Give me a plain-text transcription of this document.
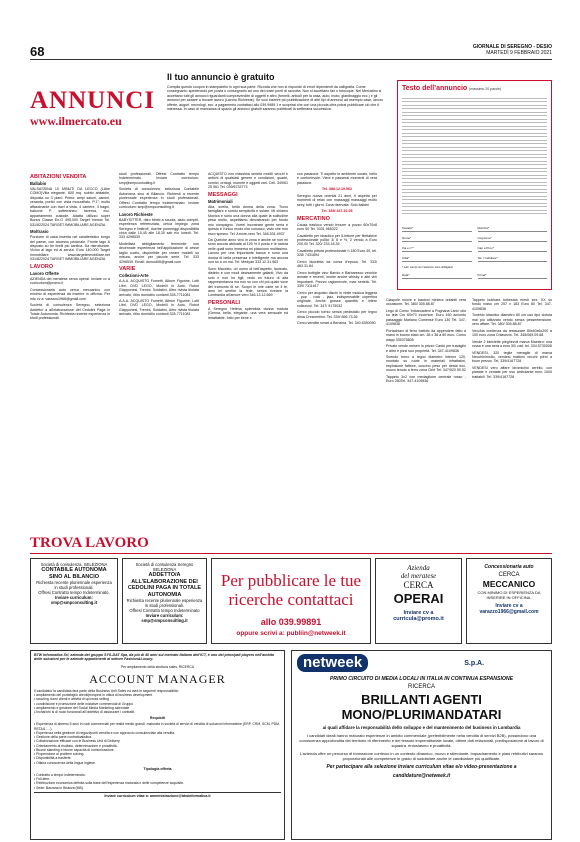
68	GIORNALE DI SEREGNO - DESIO
MARTEDÌ 9 FEBBRAIO 2021
ANNUNCI
www.ilmercato.eu
Il tuo annuncio è gratuito
Compila questo coupon in stampatello in ogni sua parte. Ricorda che non si risponde di errori dipendenti da calligrafia. Come consegnarlo: spedendolo per posta o consegnarlo ad uno dei nostri punti di raccolta. Non si accettano fax o fotocopie. Nel Mercatino si accettano tutti gli annunci riguardanti compravendite di oggetti e altro (fornelli, articoli per la casa, auto, moto, giardinaggio ecc.) e gli annunci per aiutare a trovare lavoro (Lavoro Richieste). Se vuoi inserire più pubblicazione di altri tipi di annunci ad esempio case, lavoro offerte, auguri, necrologi, ecc. a pagamento contattaci allo 039.9989.1 e scoprirai che con una piccola cifra potrai pubblicare ciò che ti interessa. In caso di mancanza di spazio gli annunci gratuiti saranno pubblicati la settimana successiva.
Testo dell’annuncio (massimo 20 parole)
Testata*	Rubrica*
Nome*	Cognome*
Via e n°*	Cap e Prov.*
Città*	Tel. / Cellulare*
* tutti i campi con l’asterisco sono obbligatori
Data*	Firma*
ABITAZIONI VENDITA
Ballabio

VALSASSINA 10 MINUTI DA LECCO (LAke COMO)Villa elegante, 600 mq. subito abitabile, disposta su 3 piani: Primo: ampi saloni, camini, veranda, portici con vista mozzafiato. P.1°: molto affascinante con travi a vista, 4 camere, 3 bagni, balcone P. sotterraneo: taverna, ecc. appartamento custode. Adatta utilizzo super Bonus Classe En.G 495,000 Target Immob Tel. 031/822024 TARGET IMMOBILIARE AGENZIA

Moltrasio

Porzione di casa inserita nel caratteristico borgo del paese, con accesso pedonale. Fronte lago & disposto su tre livelli più cantina. Da ristrutturare. Vicino al lago ed ai servizi. Euro 140,000 Target Immobiliare www.targetimmobiliare.net 031/822024 TARGET IMMOBILIARE AGENZIA

LAVORO
Lavoro Offerte

AZIENDA del meratese cerca operai. Inviare cv a curriculum@promo.it

Concessionaria auto cerca meccanico con minimo di esperienza da inserire in officina. Per info cv a: varazzo1966@gmail.com

Società di consulenza Seregno, seleziona Addetto/ a all’elaborazione dei Cedolini Paga in Totale Autonomia. Richiesta recente esperienza in studi professionali.

studi professionali. Offresi Contratto tempo Indeterminato. Inviare curriculum: smp@smpconsulting.it

Società di consulenza, seleziona Contabile Autonoma sino al Bilancio. Richiesti a recente pluriennale esperienza in studi professionali. Offresi Contratto tempo Indeterminato. Inviare curriculum: smp@smpconsulting.it

Lavoro Richieste

BABYSITTER, ritiro bimbi a scuola, aiuto compiti, esperienza referenziata, cerca impiego zona Seregno e limitrofi, due/tre pomeriggi disponibilità circa dalle 15,45 alle 18,30 sab e/o lunedì. Tel. 333 4296539

Modellista abbigliamento femminile con decennale esperienza nell’applicazione di cesse taglio cucito, disponibile per creare modelli su misura, anche per piccole serie. Tel. 333 4296539. Email: domod06@gmail.com

VARIE
Collezioni-Arte

A.A.A. ACQUISTO Fumetti, Album Figurine, Lotti Libri, DVD LEGO, Modelli in Auto, Robot Giapponesi, Trenini, Soldatini, Altro rivista titolata arrivato, ritiro domicilio contanti 328-7711081

A.A.A. ACQUISTO Fumetti, Album Figurine, Lotti Libri, DVD LEGO, Modelli in Auto, Robot Giapponesi, Trenini, Soldatini, Altro rivista titolata arrivato, ritiro domicilio contanti 328-7711081

ACQUISTO con massima serietà mobili vecchi e antichi di qualsiasi genere e condizioni, quadri, cornici, orologi, monete e oggetti vari. Cell. 349/61 25 061 Tel. 039/6733773

MESSAGGI
Matrimoniali

Alta, snella, bella donna della zona. Trovo famigliare e sorrisi semplicità e solare. Mi chiamo Monica e sono una donna alla quale la solitudine pesa molto, aspettiamo dimostrando per fondo mio compagno. Vorrei incontrare gente seria e questo è l’unico modo che conosco, visto che non esco spesso. Tel. Amore-vero Tel. 346.531.4937

Da Quelche anno vivo in zona e anche se non mi sono ancora abituata al 100 % il posto e le natura nelle quali sono immersa mi piacciono moltissimo. Lavoro per una importante banca e sono una donna di bella presenza e intelligente ma ancora non so a un ma. Tel. Medyan 333.12.31.963

Sono Maurizio, un uomo di bell’aspetto, laureato, distinto e con modi decisamente galanti; Vivo da solo e non ho figli, vedo un futuro di alta rappresentanza ma non so con chi poi quale voce del tramonto di se. Scopri le mie carte se il te, amo lei sentire la fede, senza rivelare la Lombardia all’amore vero 346.13.12.669

PERSONALI

A Seregno Helena splendida donna matura (Genna, bella, elegante, una vera sensuale ed intrattabile, tutto per bene e

con passione. Ti aspetto in ambiente curato, bello e confortevole. Vieni e passerai momenti di vera passione.

Tel. 388.12.19.962

Seregno nuova oriental 21 anni, ti aspetta per momenti di relax con massaggi massaggi molto sexy, tutti i giorni. Zona riservata. Solo italiani

Tel. 339/ 447.32.05

MERCATINO

Causa trasloco vendo frezzer a pozzo 60x70x8 euro 50 Tel. 0331.965322

Cavalletto per idraulico per 5-letture per filettatrice professionale pollici 3/ 8 e ½, 2 vendo a Euro 200,00 Tel. 320/ 233.18.39

Cavalletto pittura professionale h 180 Euro 40, tel. 328/ 7431894

Cerco bicicletta da corsa d’epoca. Tel. 333/ 463.31.84

Cerco bottiglie vino Barolo e Barbaresco vecchie annate e recenti, inoltre anche whisky e altri vini importanti. Prezzo ragionevole, max serietà. Tel. 339/ 7311617

Cerco per acquisto dischi in vinile musica leggera - pop - rock - jazz, indispensabile copertina originale. Anche grosse quantità e intere collezioni. Tel. 347/ 9175032

Cerco piccolo tornio senza piedistallo per legno dima Crescentino. Tel. 339/ 866.73.36

Cerco vendite smart a Benzina. Tel. 340.5350090

Ciaspole nuove e bastoni miniera ontabili vera occasione. Tel. 380/ 305.88.87

Lego di Como ‘Imbarcadero a Pognana Lario’ olio su tela Cm 60x70 incornice. Euro 160 acconto passaggio Mariano Comense Euro 130 Tel. 347-4109836

Portachiavi di ferro battuto da appendere fatto a mano in buono stato cm. 38 x 38 a 60 euro. Como wapp 335375808

Privato vende mesen in prizzo Cantù per travaglio e altro e pizzi suo proprietà. Tel. 347-4109836

Svendo torno a legno diametro interno 120, montato su ruote in materiali infrattatori, esplosione fattrice, cuscino peso per desta ecc. nuovo tenuto a ferro zona Cirié Tel. 347/920 50.52

Tappeto 3x2 con medaglione centrale rosso - Euro 280Tel. 347-4109836

Tappeto bukhara turkestan mesh sez. XX su fondo rosso cm 257 x 183 Euro 80 Tel. 347-4109836

Tonbhio idraulico diametro 80 cm uso tipo ciotola mai più utilizzato vendo senza pessertensione, vero affare. Tel. 380/ 305.88.87

Vecchia credenza da restaurare 80x40x6x200 a 100 euro zona Chiavezio. Tel. 345/069.09.68

Vende 2 biciclette pieghevoli marca Maestro: una rossa e una nera a euro 50/ cad. tel. 334.5730008

VENDESI, 320 teglie meraglie di marca Necchinimolto, vendesi mattoni vecchi pieni a buon prezzo. Tel. 339/4167728

VENDESI vero affare idromichio cerello, con pianale e ventate per uso ambulante euro 1000 trattabili. Tel. 339/4167728

TROVA LAVORO
Società di consulenza, SELEZIONA
CONTABILE AUTONOMA SINO AL BILANCIO
Richiesta recente pluriennale esperienza in studi professionali.
Offresi Contratto tempo Indeterminato.
Inviare curriculum:
smp@smpconsulting.it
Società di consulenza Seregno SELEZIONA
ADDETTO/A ALL’ELABORAZIONE DEI CEDOLINI PAGA IN TOTALE AUTONOMIA
Richiesta recente pluriennale esperienza in studi professionali.
Offresi Contratto tempo Indeterminato
Inviare curriculum:
smp@smpconsulting.it
Per pubblicare le tue ricerche contattaci
allo 039.99891
oppure scrivi a: publiin@netweek.it
Azienda
del meratese
CERCA
OPERAI
Inviare cv a
curricula@promo.it
Concessionaria auto
CERCA
MECCANICO
CON MINIMO DI ESPERIENZA DA INSERIRE IN OFFICINA.
Inviare cv a
varazzo1966@gmail.com
BTW Informatica Srl, azienda del gruppo SYS-DAT Spa, da più di 40 anni sul mercato italiano dell’ICT, è uno dei principali players nell’ambito delle soluzioni per le aziende appartenenti al settore Fashion&Luxury.
Per ampliamento della struttura sales, RICERCA
ACCOUNT MANAGER
Il candidato/ la candidata farà parte della Business Unit Sales ed avrà le seguenti responsabilità:
• ampliamento del portafoglio clienti/prospect in ottica di business development
• scouting nuovi clienti e attività di up/cross selling
• condivisione e promozione delle iniziative commerciali di Gruppo
• ampliamento e gestione del Social Media Marketing aziendale
L’incharichi si di ruolo funzionali all’obiettivo di assicurare i contratti.
Requisiti
• Esperienza di almeno 5 anni in ruoli commerciali per realtà medio grandi, maturata in società di servizi di vendita di soluzioni informatiche (ERP, CRM, SCM, PDM, RETAIL, ...).
• Esperienza nella gestione di negozi/punti vendita e con approccio consulenziale alla vendita.
• Gestione della parte contrattualistica.
• Collaborazione efficace con le Business Unit di Delivery.
• Orientamento al risultato, determinazione e proattività.
• Buone standing e buone capacità di comunicazione.
• Propensione al problem solving.
• Disponibilità a trasferte.
• Ottima conoscenza della lingua inglese.
Tipologia offerta
• Contratto a tempo indeterminato.
• Full-time.
• Retribuzione economica definita sulla base dell’esperienza maturata e delle competenze acquisite.
• Sede: Barzana in Brianza (MB).
Inviare curriculum vitae a: amministrazione@btwinformatica.it
netweek	S.p.A.
PRIMO CIRCUITO DI MEDIA LOCALI IN ITALIA IN CONTINUA ESPANSIONE
RICERCA
BRILLANTI AGENTI
MONO/PLURIMANDATARI
ai quali affidare la responsabilità dello sviluppo e del mantenimento del business in Lombardia
I candidati ideali hanno maturato esperienze in ambito commerciale (preferibilmente nella vendita di servizi B2B), possiedono una conoscenza approfondita del territorio di riferimento e del tessuto imprenditoriale locale, ottime doti relazionali, predisposizione al lavoro di squadra, entusiasmo e proattività.
L’azienda offre un percorso di formazione continuo in un contesto dinamico, nuovo e stimolante. Inquadramento e piani retributivi saranno proporzionati alle competenze in grado di soddisfare anche le candidature più qualificate.
Per partecipare alla selezione inviare curriculum vitae e/o video-presentazione a
candidature@netweek.it
